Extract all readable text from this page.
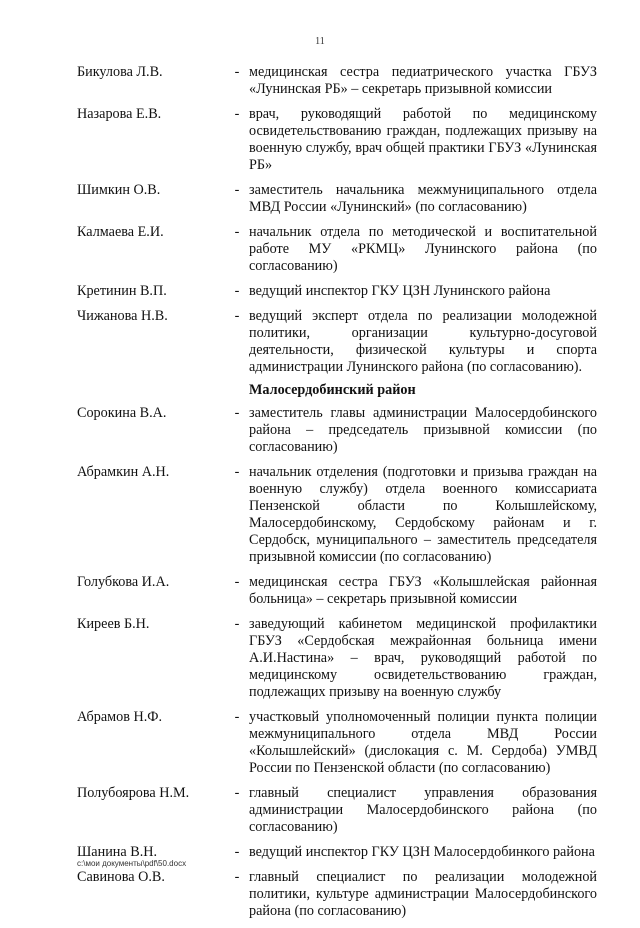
11
Бикулова Л.В.	- медицинская сестра педиатрического участка ГБУЗ «Лунинская РБ» – секретарь призывной комиссии
Назарова Е.В.	- врач, руководящий работой по медицинскому освидетельствованию граждан, подлежащих призыву на военную службу, врач общей практики ГБУЗ «Лунинская РБ»
Шимкин О.В.	- заместитель начальника межмуниципального отдела МВД России «Лунинский» (по согласованию)
Калмаева Е.И.	- начальник отдела по методической и воспитательной работе МУ «РКМЦ» Лунинского района (по согласованию)
Кретинин В.П.	- ведущий инспектор ГКУ ЦЗН Лунинского района
Чижанова Н.В.	- ведущий эксперт отдела по реализации молодежной политики, организации культурно-досуговой деятельности, физической культуры и спорта администрации Лунинского района (по согласованию).
Малосердобинский район
Сорокина В.А.	- заместитель главы администрации Малосердобинского района – председатель призывной комиссии (по согласованию)
Абрамкин А.Н.	- начальник отделения (подготовки и призыва граждан на военную службу) отдела военного комиссариата Пензенской области по Колышлейскому, Малосердобинскому, Сердобскому районам и г. Сердобск, муниципального – заместитель председателя призывной комиссии (по согласованию)
Голубкова И.А.	- медицинская сестра ГБУЗ «Колышлейская районная больница» – секретарь призывной комиссии
Киреев Б.Н.	- заведующий кабинетом медицинской профилактики ГБУЗ «Сердобская межрайонная больница имени А.И.Настина» – врач, руководящий работой по медицинскому освидетельствованию граждан, подлежащих призыву на военную службу
Абрамов Н.Ф.	- участковый уполномоченный полиции пункта полиции межмуниципального отдела МВД России «Колышлейский» (дислокация с. М. Сердоба) УМВД России по Пензенской области (по согласованию)
Полубоярова Н.М.	- главный специалист управления образования администрации Малосердобинского района (по согласованию)
Шанина В.Н.	- ведущий инспектор ГКУ ЦЗН Малосердобинкого района
Савинова О.В.	- главный специалист по реализации молодежной политики, культуре администрации Малосердобинского района (по согласованию)
c:\мои документы\pdf\50.docx
